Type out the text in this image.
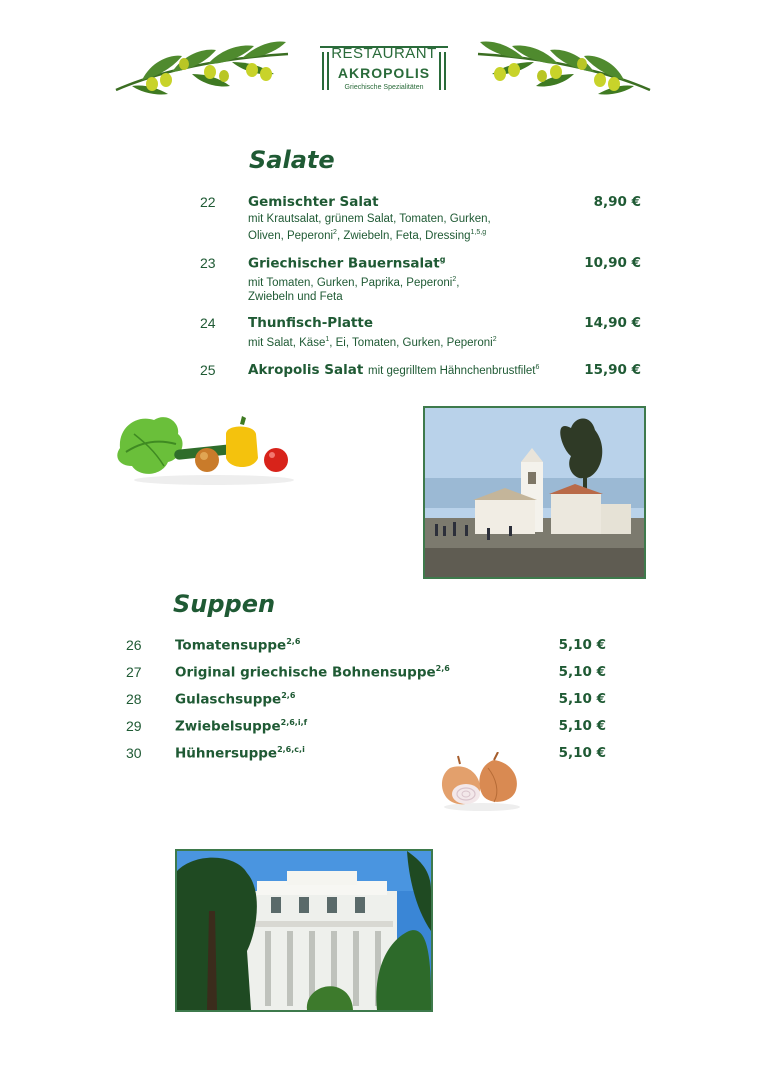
RESTAURANT
AKROPOLIS
Griechische Spezialitäten
Salate
22 Gemischter Salat	8,90 €
mit Krautsalat, grünem Salat, Tomaten, Gurken,
Oliven, Peperoni$^2$, Zwiebeln, Feta, Dressing$^{1,5,g}$
23 Griechischer Bauernsalat$^g$	10,90 €
mit Tomaten, Gurken, Paprika, Peperoni$^2$,
Zwiebeln und Feta
24 Thunfisch-Platte	14,90 €
mit Salat, Käse$^1$, Ei, Tomaten, Gurken, Peperoni$^2$
25 Akropolis Salat mit gegrilltem Hähnchenbrustfilet$^6$	15,90 €
Suppen
26 Tomatensuppe$^{2,6}$	5,10 €
27 Original griechische Bohnensuppe$^{2,6}$	5,10 €
28 Gulaschsuppe$^{2,6}$	5,10 €
29 Zwiebelsuppe$^{2,6,i,f}$	5,10 €
30 Hühnersuppe$^{2,6,c,i}$	5,10 €
